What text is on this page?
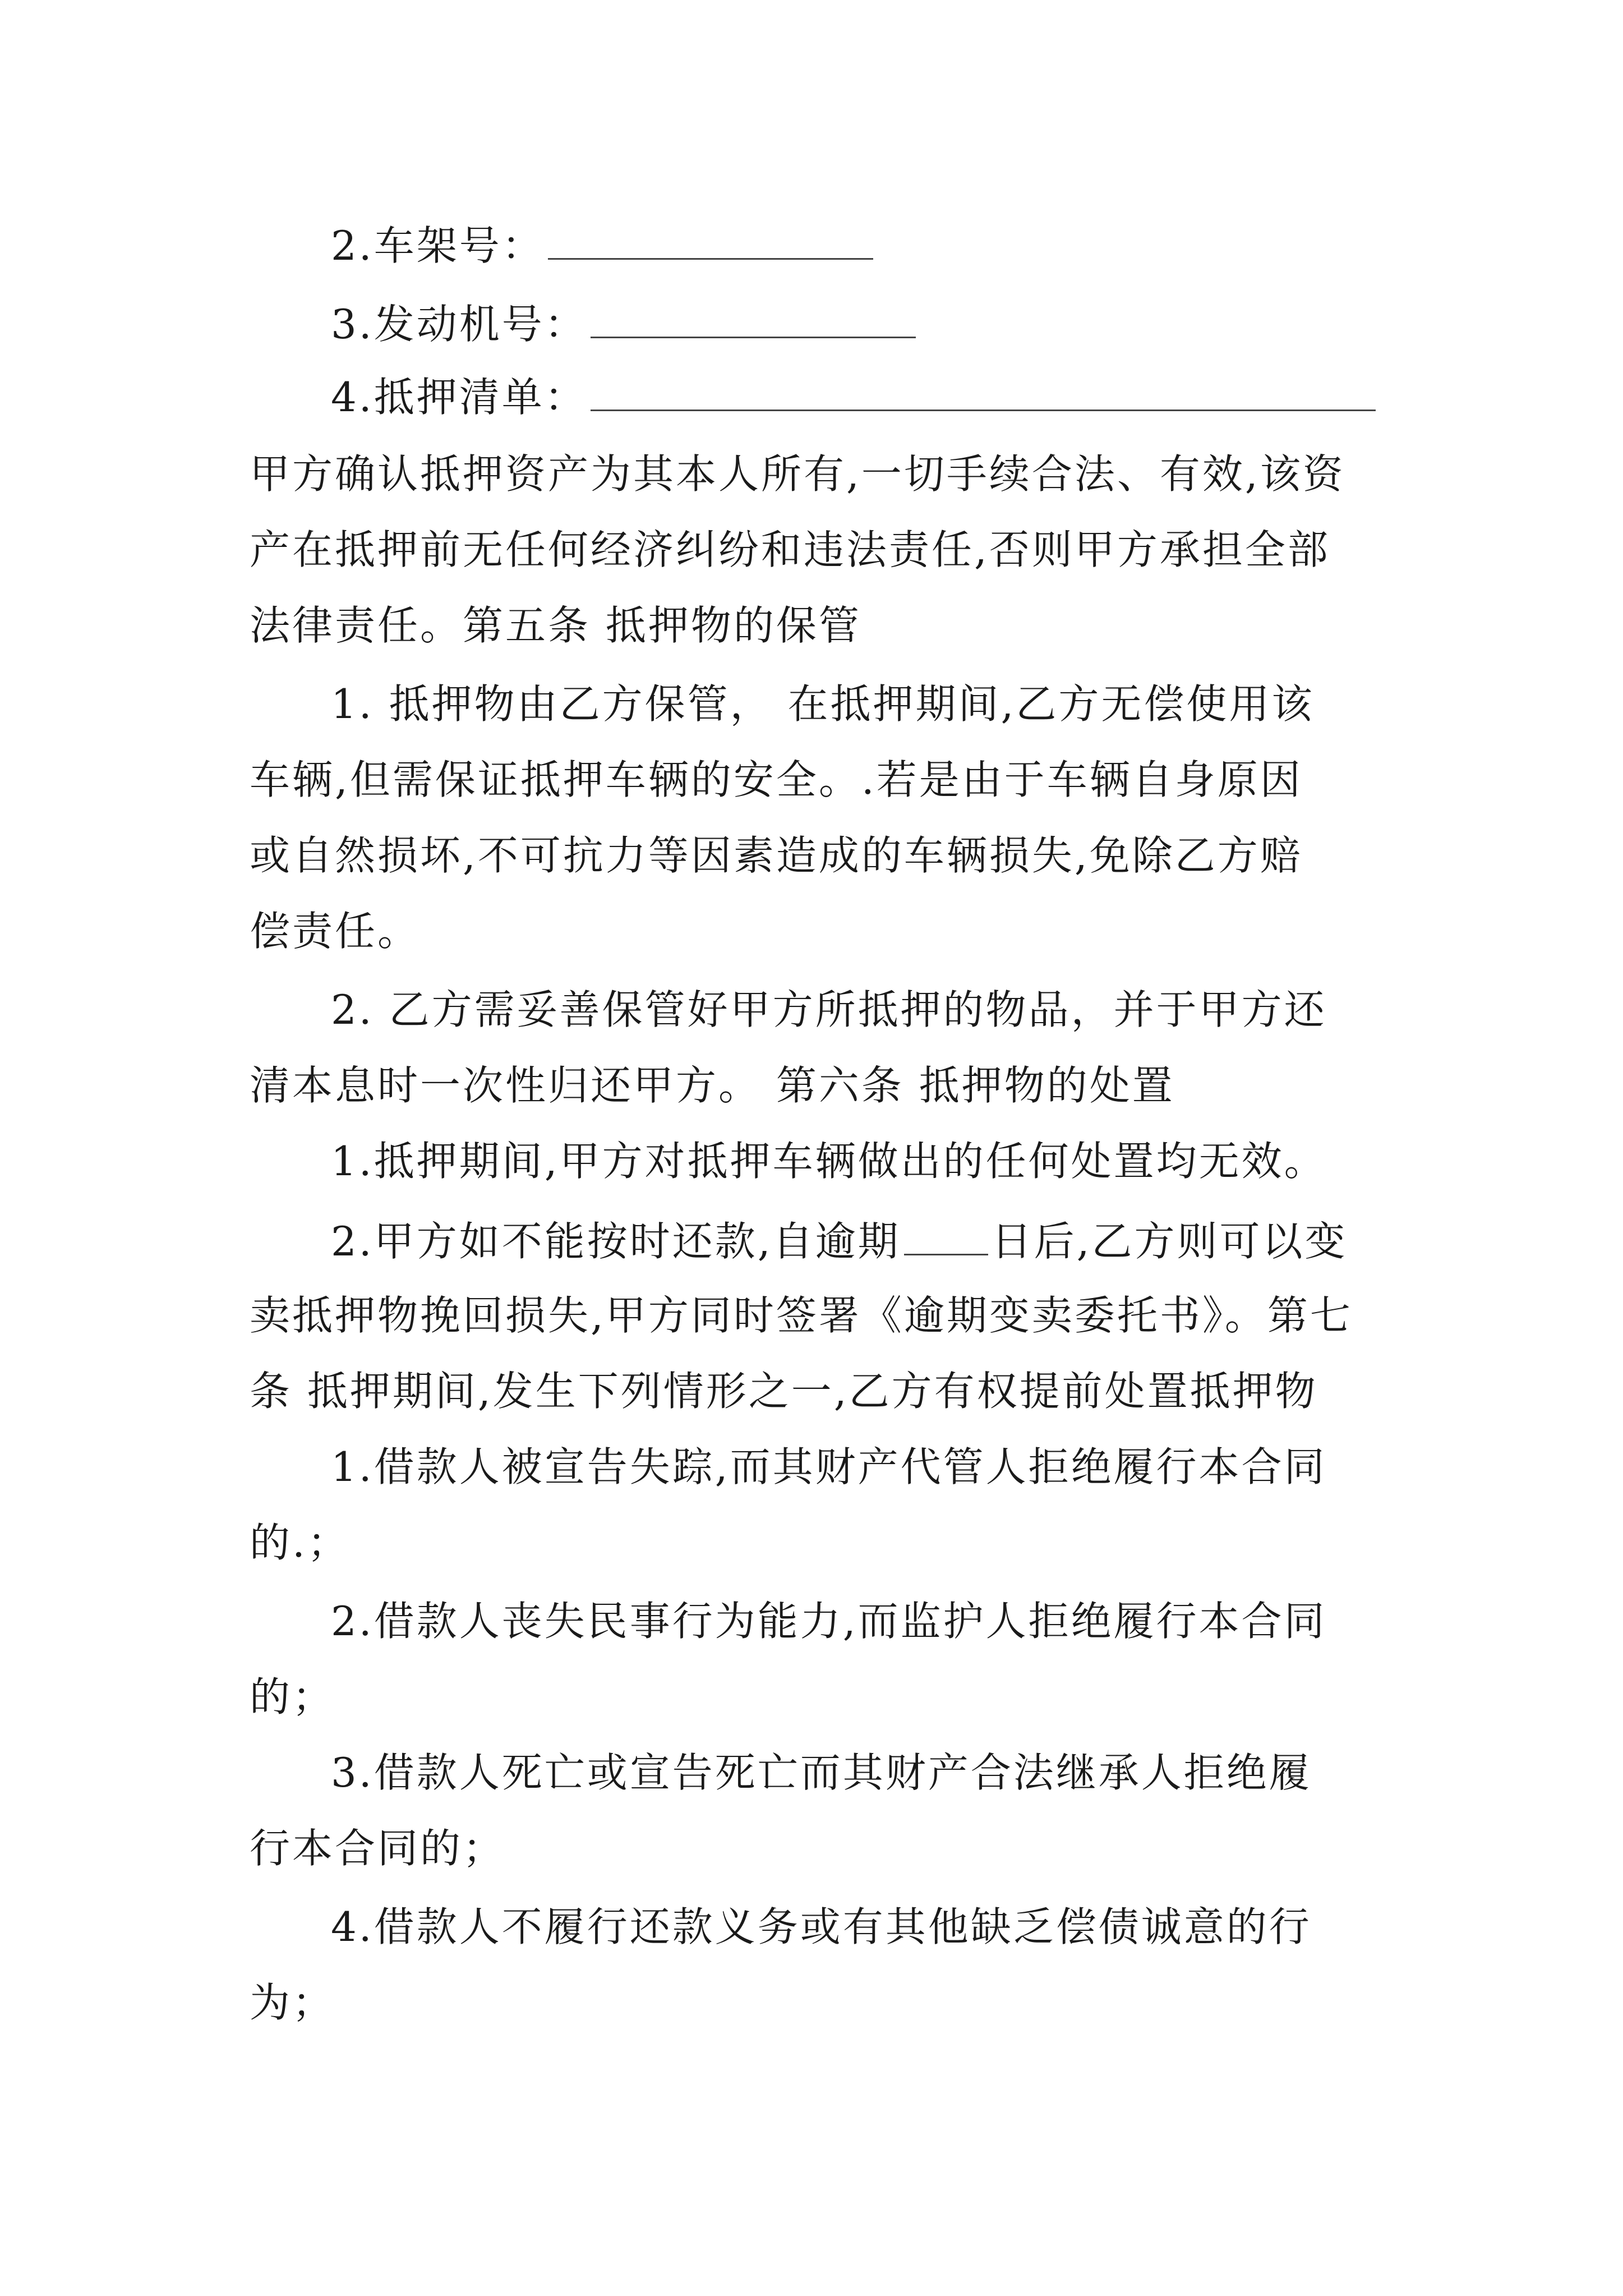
2.车架号：
3.发动机号：
4.抵押清单：
甲方确认抵押资产为其本人所有,一切手续合法、有效,该资
产在抵押前无任何经济纠纷和违法责任,否则甲方承担全部
法律责任。第五条 抵押物的保管
1. 抵押物由乙方保管， 在抵押期间,乙方无偿使用该
车辆,但需保证抵押车辆的安全。.若是由于车辆自身原因
或自然损坏,不可抗力等因素造成的车辆损失,免除乙方赔
偿责任。
2. 乙方需妥善保管好甲方所抵押的物品，并于甲方还
清本息时一次性归还甲方。 第六条 抵押物的处置
1.抵押期间,甲方对抵押车辆做出的任何处置均无效。
2.甲方如不能按时还款,自逾期 日后,乙方则可以变
卖抵押物挽回损失,甲方同时签署《逾期变卖委托书》。第七
条 抵押期间,发生下列情形之一,乙方有权提前处置抵押物
1.借款人被宣告失踪,而其财产代管人拒绝履行本合同
的.；
2.借款人丧失民事行为能力,而监护人拒绝履行本合同
的；
3.借款人死亡或宣告死亡而其财产合法继承人拒绝履
行本合同的；
4.借款人不履行还款义务或有其他缺乏偿债诚意的行
为；
